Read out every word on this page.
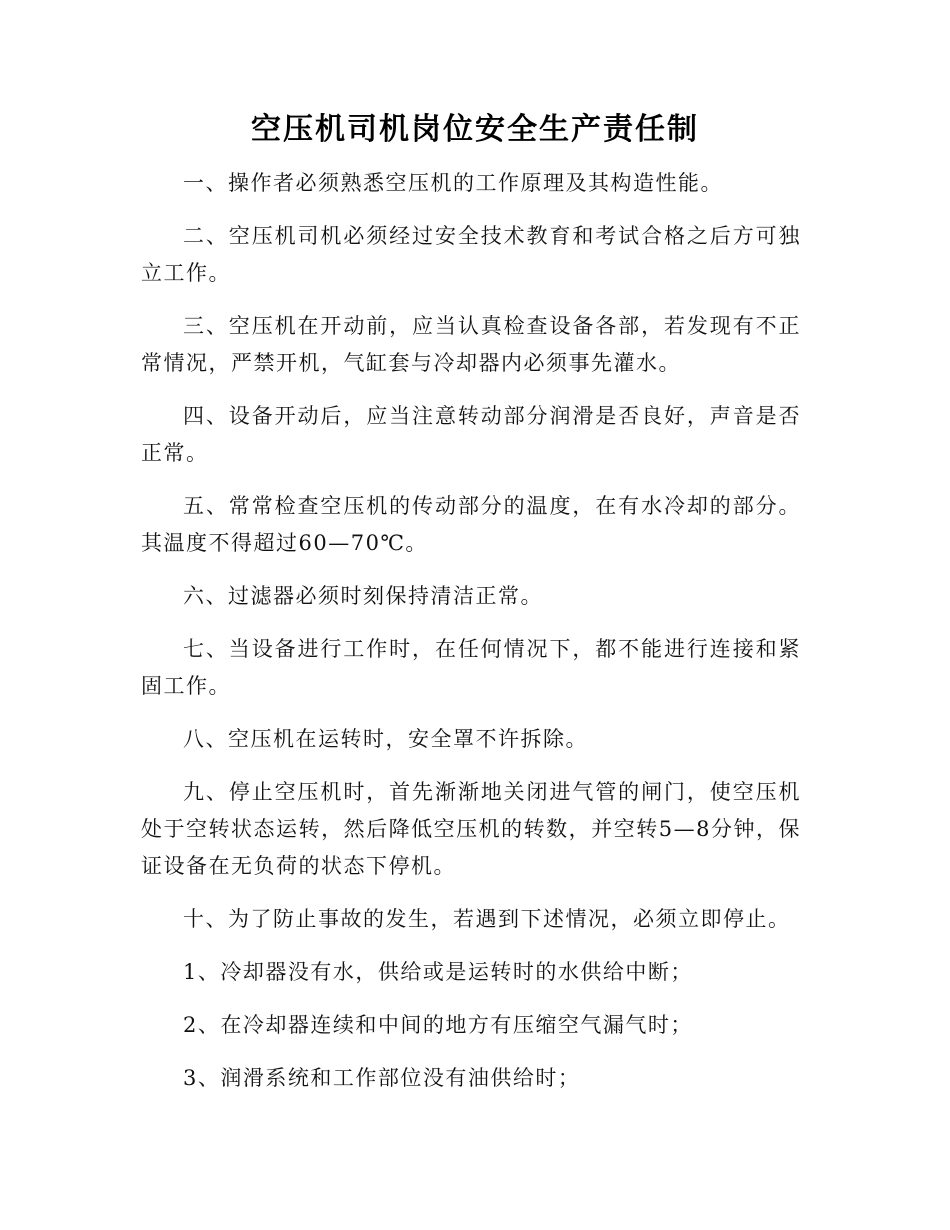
空压机司机岗位安全生产责任制

一、操作者必须熟悉空压机的工作原理及其构造性能。

二、空压机司机必须经过安全技术教育和考试合格之后方可独立工作。

三、空压机在开动前，应当认真检查设备各部，若发现有不正常情况，严禁开机，气缸套与冷却器内必须事先灌水。

四、设备开动后，应当注意转动部分润滑是否良好，声音是否正常。

五、常常检查空压机的传动部分的温度，在有水冷却的部分。其温度不得超过60—70℃。

六、过滤器必须时刻保持清洁正常。

七、当设备进行工作时，在任何情况下，都不能进行连接和紧固工作。

八、空压机在运转时，安全罩不许拆除。

九、停止空压机时，首先渐渐地关闭进气管的闸门，使空压机处于空转状态运转，然后降低空压机的转数，并空转5—8分钟，保证设备在无负荷的状态下停机。

十、为了防止事故的发生，若遇到下述情况，必须立即停止。

1、冷却器没有水，供给或是运转时的水供给中断；

2、在冷却器连续和中间的地方有压缩空气漏气时；

3、润滑系统和工作部位没有油供给时；
